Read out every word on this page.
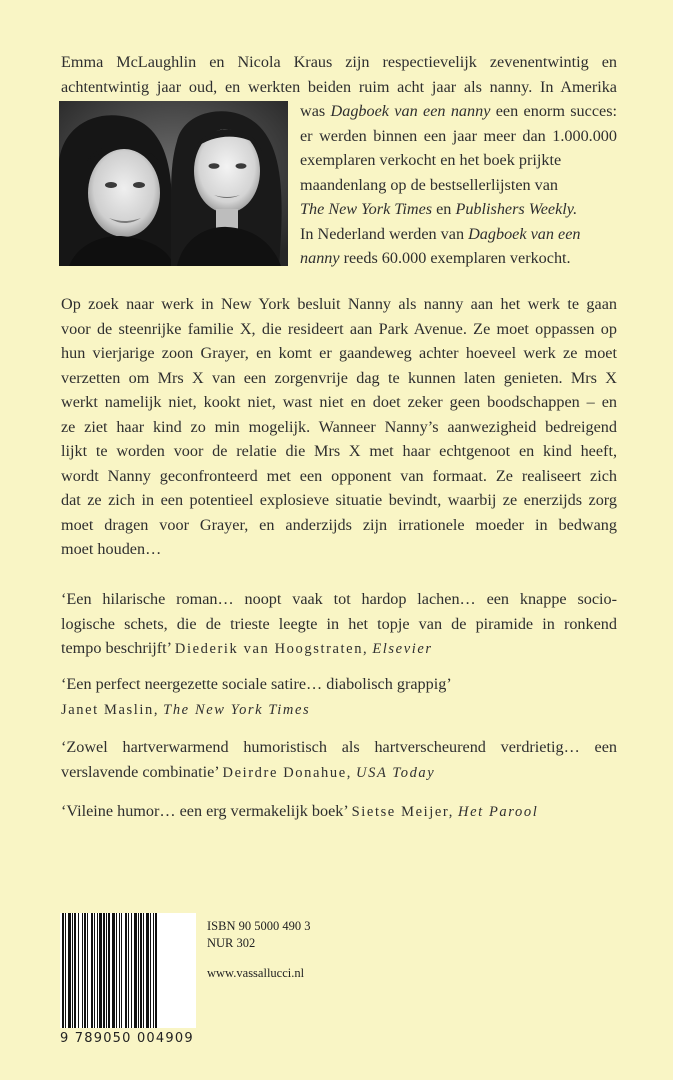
Emma McLaughlin en Nicola Kraus zijn respectievelijk zevenentwintig en
achtentwintig jaar oud, en werkten beiden ruim acht jaar als nanny. In Amerika
was Dagboek van een nanny een enorm succes:
er werden binnen een jaar meer dan 1.000.000
exemplaren verkocht en het boek prijkte
maandenlang op de bestsellerlijsten van
The New York Times en Publishers Weekly.
In Nederland werden van Dagboek van een
nanny reeds 60.000 exemplaren verkocht.
Op zoek naar werk in New York besluit Nanny als nanny aan het werk te gaan
voor de steenrijke familie X, die resideert aan Park Avenue. Ze moet oppassen op
hun vierjarige zoon Grayer, en komt er gaandeweg achter hoeveel werk ze moet
verzetten om Mrs X van een zorgenvrije dag te kunnen laten genieten. Mrs X
werkt namelijk niet, kookt niet, wast niet en doet zeker geen boodschappen – en
ze ziet haar kind zo min mogelijk. Wanneer Nanny’s aanwezigheid bedreigend
lijkt te worden voor de relatie die Mrs X met haar echtgenoot en kind heeft,
wordt Nanny geconfronteerd met een opponent van formaat. Ze realiseert zich
dat ze zich in een potentieel explosieve situatie bevindt, waarbij ze enerzijds zorg
moet dragen voor Grayer, en anderzijds zijn irrationele moeder in bedwang
moet houden…
‘Een hilarische roman… noopt vaak tot hardop lachen… een knappe socio-
logische schets, die de trieste leegte in het topje van de piramide in ronkend
tempo beschrijft’ Diederik van Hoogstraten, Elsevier
‘Een perfect neergezette sociale satire… diabolisch grappig’
Janet Maslin, The New York Times
‘Zowel hartverwarmend humoristisch als hartverscheurend verdrietig… een
verslavende combinatie’ Deirdre Donahue, USA Today
‘Vileine humor… een erg vermakelijk boek’ Sietse Meijer, Het Parool
9 789050 004909
ISBN 90 5000 490 3
NUR 302
www.vassallucci.nl
